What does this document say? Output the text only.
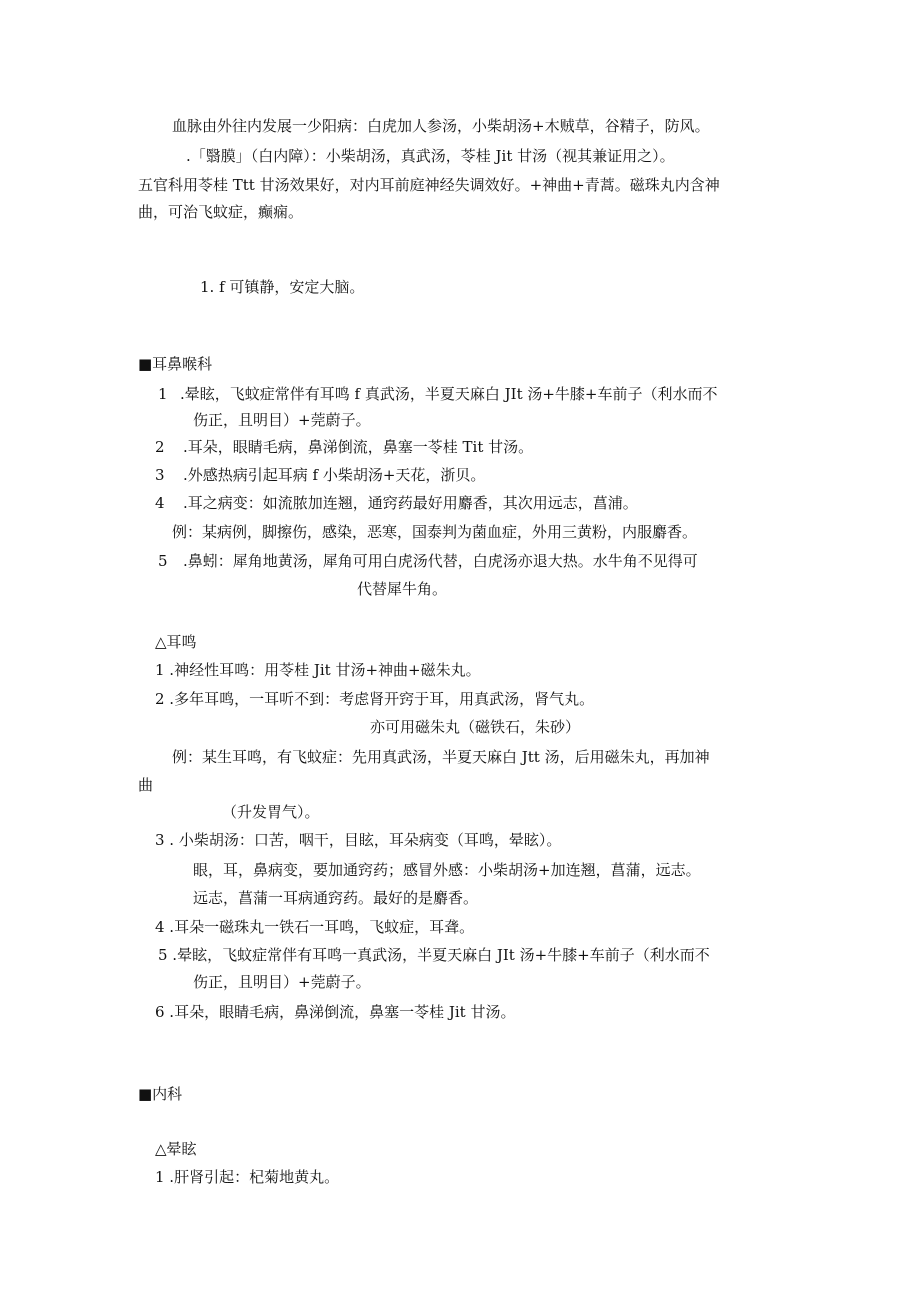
血脉由外往内发展一少阳病：白虎加人参汤，小柴胡汤+木贼草，谷精子，防风。
.「翳膜」（白内障）：小柴胡汤，真武汤，苓桂 Jit 甘汤（视其兼证用之）。
五官科用苓桂 Ttt 甘汤效果好，对内耳前庭神经失调效好。+神曲+青蒿。磁珠丸内含神
曲，可治飞蚊症，癫痫。
1. f 可镇静，安定大脑。
■耳鼻喉科
1 .晕眩，飞蚊症常伴有耳鸣 f 真武汤，半夏天麻白 JIt 汤+牛膝+车前子（利水而不
伤正，且明目）+莞蔚子。
2 .耳朵，眼睛毛病，鼻涕倒流，鼻塞一苓桂 Tit 甘汤。
3 .外感热病引起耳病 f 小柴胡汤+天花，浙贝。
4 .耳之病变：如流脓加连翘，通窍药最好用麝香，其次用远志，菖浦。
例：某病例，脚擦伤，感染，恶寒，国泰判为菌血症，外用三黄粉，内服麝香。
5 .鼻蚓：犀角地黄汤，犀角可用白虎汤代替，白虎汤亦退大热。水牛角不见得可
代替犀牛角。
△耳鸣
1 .神经性耳鸣：用苓桂 Jit 甘汤+神曲+磁朱丸。
2 .多年耳鸣，一耳听不到：考虑肾开窍于耳，用真武汤，肾气丸。
亦可用磁朱丸（磁铁石，朱砂）
例：某生耳鸣，有飞蚊症：先用真武汤，半夏天麻白 Jtt 汤，后用磁朱丸，再加神
曲
（升发胃气）。
3 . 小柴胡汤：口苦，咽干，目眩，耳朵病变（耳鸣，晕眩）。
眼，耳，鼻病变，要加通窍药；感冒外感：小柴胡汤+加连翘，菖蒲，远志。
远志，菖蒲一耳病通窍药。最好的是麝香。
4 .耳朵一磁珠丸一铁石一耳鸣，飞蚊症，耳聋。
5 .晕眩，飞蚊症常伴有耳鸣一真武汤，半夏天麻白 JIt 汤+牛膝+车前子（利水而不
伤正，且明目）+莞蔚子。
6 .耳朵，眼睛毛病，鼻涕倒流，鼻塞一苓桂 Jit 甘汤。
■内科
△晕眩
1 .肝肾引起：杞菊地黄丸。
